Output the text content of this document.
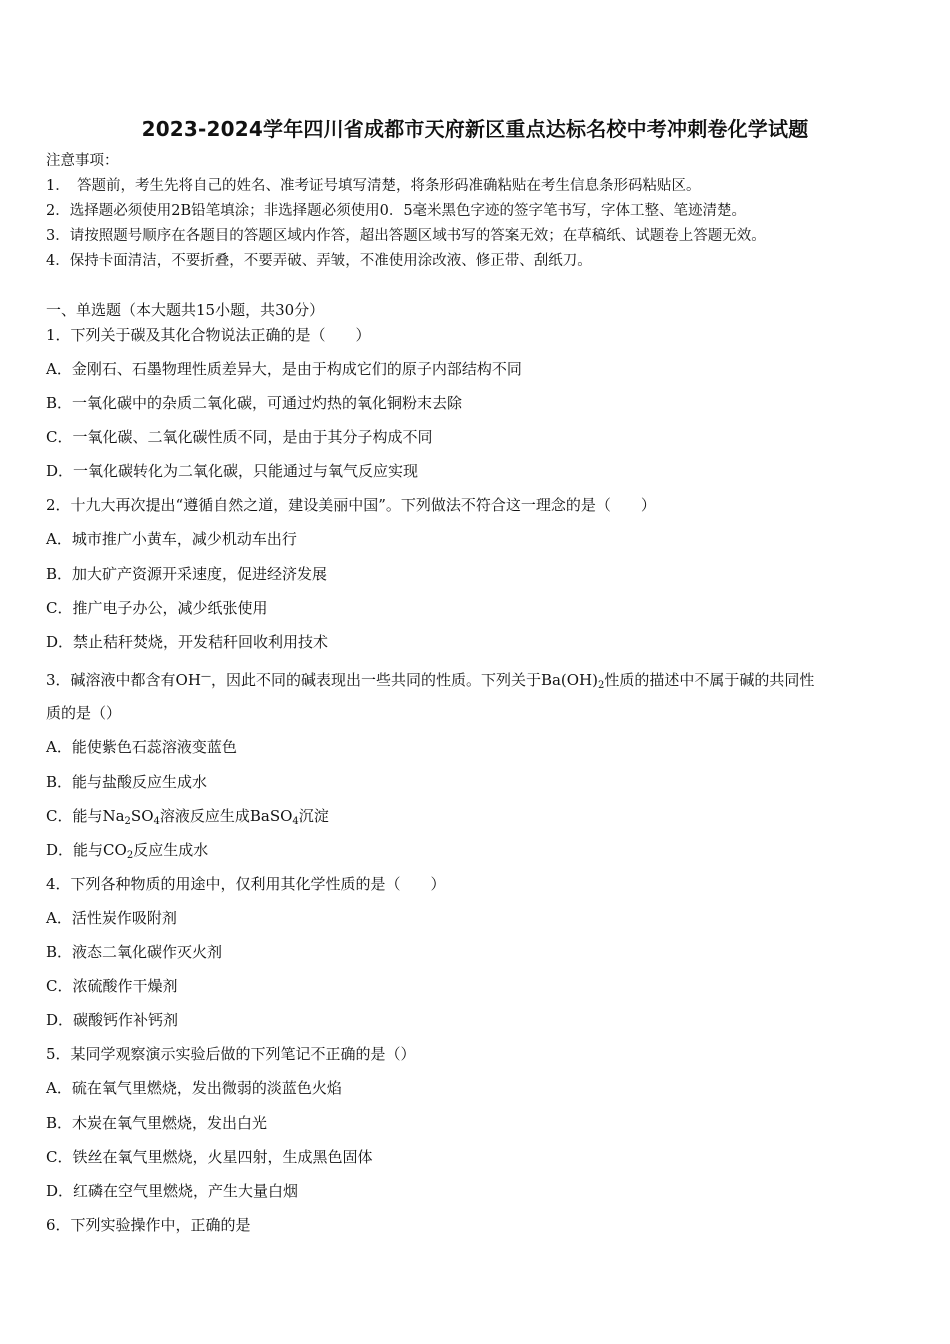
2023-2024学年四川省成都市天府新区重点达标名校中考冲刺卷化学试题
注意事项：
1．　答题前，考生先将自己的姓名、准考证号填写清楚，将条形码准确粘贴在考生信息条形码粘贴区。
2．选择题必须使用2B铅笔填涂；非选择题必须使用0．5毫米黑色字迹的签字笔书写，字体工整、笔迹清楚。
3．请按照题号顺序在各题目的答题区域内作答，超出答题区域书写的答案无效；在草稿纸、试题卷上答题无效。
4．保持卡面清洁，不要折叠，不要弄破、弄皱，不准使用涂改液、修正带、刮纸刀。
一、单选题（本大题共15小题，共30分）
1．下列关于碳及其化合物说法正确的是（　　）
A．金刚石、石墨物理性质差异大，是由于构成它们的原子内部结构不同
B．一氧化碳中的杂质二氧化碳，可通过灼热的氧化铜粉末去除
C．一氧化碳、二氧化碳性质不同，是由于其分子构成不同
D．一氧化碳转化为二氧化碳，只能通过与氧气反应实现
2．十九大再次提出“遵循自然之道，建设美丽中国”。下列做法不符合这一理念的是（　　）
A．城市推广小黄车，减少机动车出行
B．加大矿产资源开采速度，促进经济发展
C．推广电子办公，减少纸张使用
D．禁止秸秆焚烧，开发秸秆回收利用技术
3．碱溶液中都含有OH—，因此不同的碱表现出一些共同的性质。下列关于$Ba(OH)_2$性质的描述中不属于碱的共同性
质的是（）
A．能使紫色石蕊溶液变蓝色
B．能与盐酸反应生成水
C．能与$Na_2SO_4$溶液反应生成BaSO$_4$沉淀
D．能与$CO_2$反应生成水
4．下列各种物质的用途中，仅利用其化学性质的是（　　）
A．活性炭作吸附剂
B．液态二氧化碳作灭火剂
C．浓硫酸作干燥剂
D．碳酸钙作补钙剂
5．某同学观察演示实验后做的下列笔记不正确的是（）
A．硫在氧气里燃烧，发出微弱的淡蓝色火焰
B．木炭在氧气里燃烧，发出白光
C．铁丝在氧气里燃烧，火星四射，生成黑色固体
D．红磷在空气里燃烧，产生大量白烟
6．下列实验操作中，正确的是
